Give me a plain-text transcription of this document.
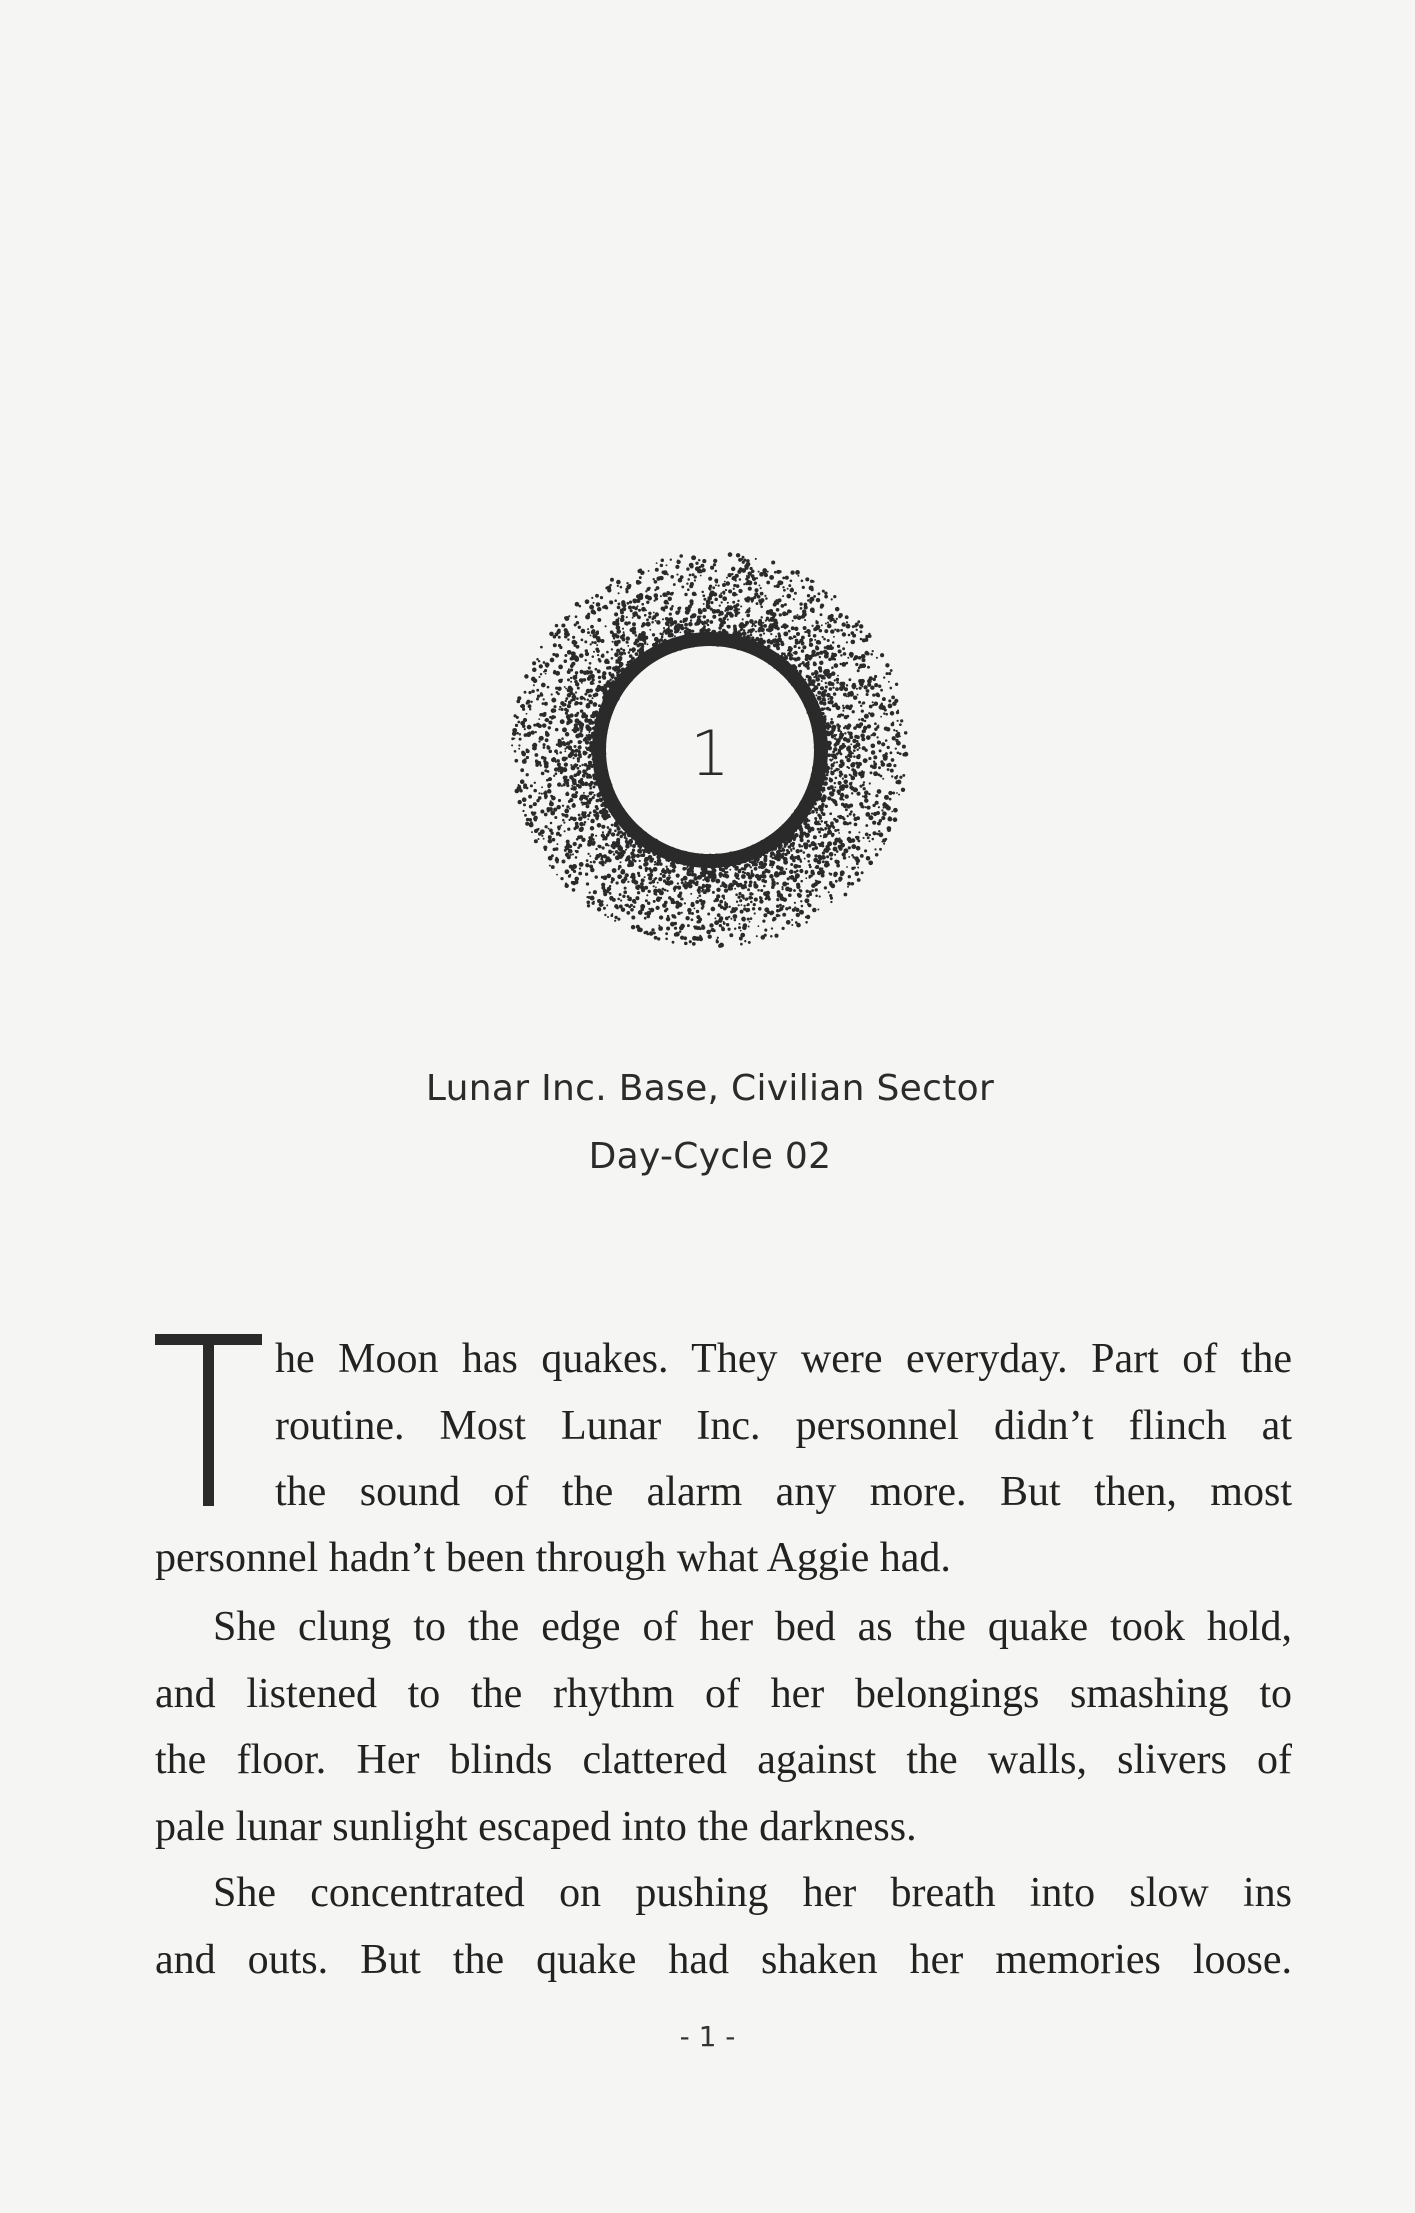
1
Lunar Inc. Base, Civilian Sector
Day-Cycle 02
he Moon has quakes. They were everyday. Part of the
routine. Most Lunar Inc. personnel didn’t flinch at
the sound of the alarm any more. But then, most
personnel hadn’t been through what Aggie had.
She clung to the edge of her bed as the quake took hold,
and listened to the rhythm of her belongings smashing to
the floor. Her blinds clattered against the walls, slivers of
pale lunar sunlight escaped into the darkness.
She concentrated on pushing her breath into slow ins
and outs. But the quake had shaken her memories loose.
- 1 -
